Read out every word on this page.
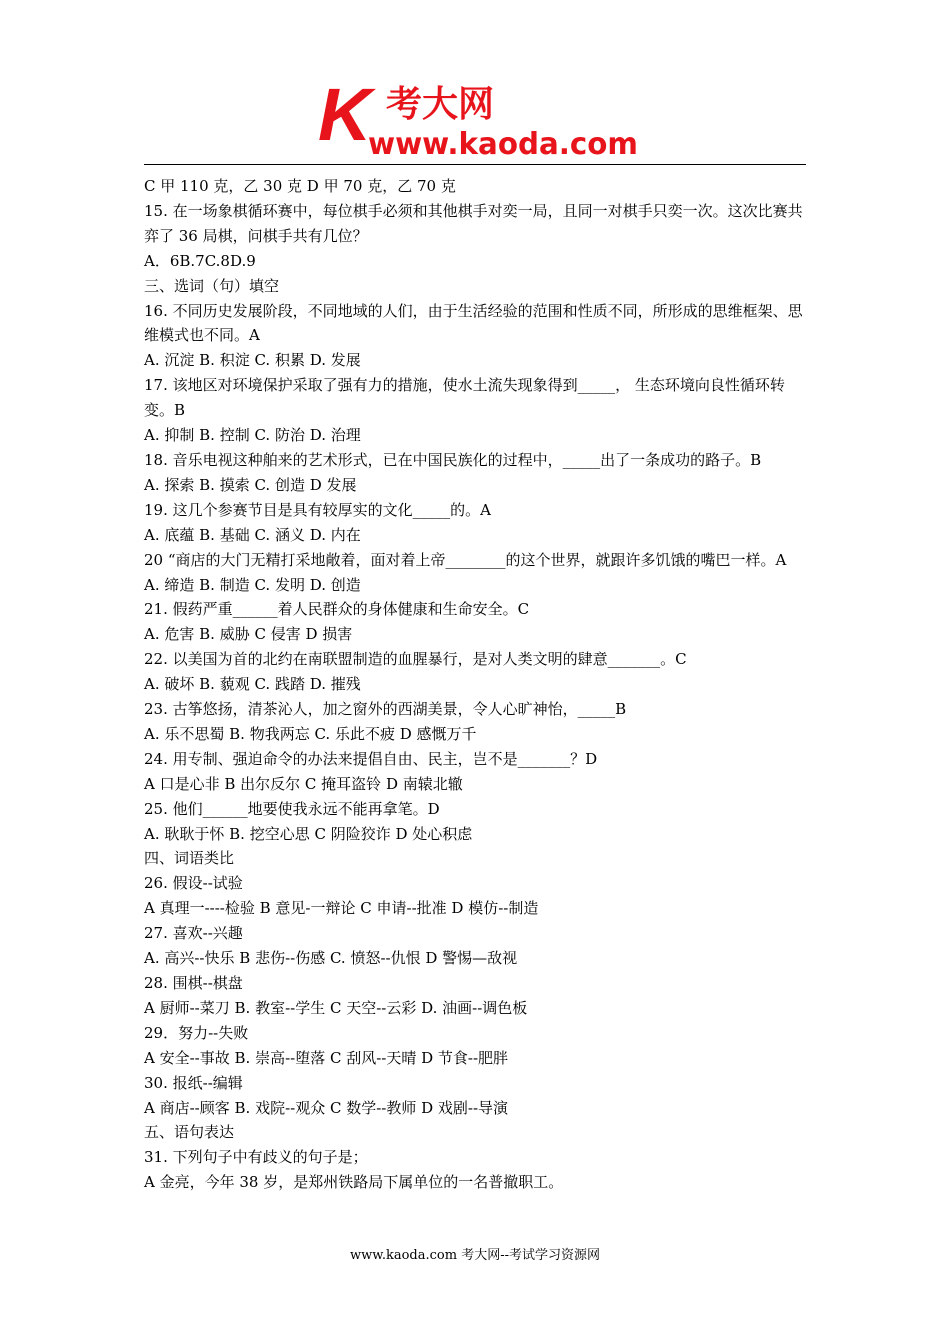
K 考大网
www.kaoda.com

C 甲 110 克，乙 30 克 D 甲 70 克，乙 70 克

15. 在一场象棋循环赛中，每位棋手必须和其他棋手对奕一局，且同一对棋手只奕一次。这次比赛共弈了 36 局棋，问棋手共有几位？

A．6B.7C.8D.9

三、选词（句）填空

16. 不同历史发展阶段，不同地域的人们，由于生活经验的范围和性质不同，所形成的思维框架、思维模式也不同。A

A. 沉淀 B. 积淀 C. 积累 D. 发展

17. 该地区对环境保护采取了强有力的措施，使水土流失现象得到_____， 生态环境向良性循环转变。B

A. 抑制 B. 控制 C. 防治 D. 治理

18. 音乐电视这种舶来的艺术形式，已在中国民族化的过程中，_____出了一条成功的路子。B

A. 探索 B. 摸索 C. 创造 D 发展

19. 这几个参赛节目是具有较厚实的文化_____的。A

A. 底蕴 B. 基础 C. 涵义 D. 内在

20 “商店的大门无精打采地敞着，面对着上帝________的这个世界，就跟许多饥饿的嘴巴一样。A

A. 缔造 B. 制造 C. 发明 D. 创造

21. 假药严重______着人民群众的身体健康和生命安全。C

A. 危害 B. 威胁 C 侵害 D 损害

22. 以美国为首的北约在南联盟制造的血腥暴行，是对人类文明的肆意_______。C

A. 破坏 B. 藐观 C. 践踏 D. 摧残

23. 古筝悠扬，清茶沁人，加之窗外的西湖美景，令人心旷神怡，_____B

A. 乐不思蜀 B. 物我两忘 C. 乐此不疲 D 感慨万千

24. 用专制、强迫命令的办法来提倡自由、民主，岂不是_______？D

A 口是心非 B 出尔反尔 C 掩耳盗铃 D 南辕北辙

25. 他们______地要使我永远不能再拿笔。D

A. 耿耿于怀 B. 挖空心思 C 阴险狡诈 D 处心积虑

四、词语类比

26. 假设--试验

A 真理一----检验 B 意见-一辩论 C 申请--批准 D 模仿--制造

27. 喜欢--兴趣

A. 高兴--快乐 B 悲伤--伤感 C. 愤怒--仇恨 D 警惕—敌视

28. 围棋--棋盘

A 厨师--菜刀 B. 教室--学生 C 天空--云彩 D. 油画--调色板

29．努力--失败

A 安全--事故 B. 崇高--堕落 C 刮风--天晴 D 节食--肥胖

30. 报纸--编辑

A 商店--顾客 B. 戏院--观众 C 数学--教师 D 戏剧--导演

五、语句表达

31. 下列句子中有歧义的句子是；

A 金亮，今年 38 岁，是郑州铁路局下属单位的一名普撤职工。

www.kaoda.com 考大网--考试学习资源网
